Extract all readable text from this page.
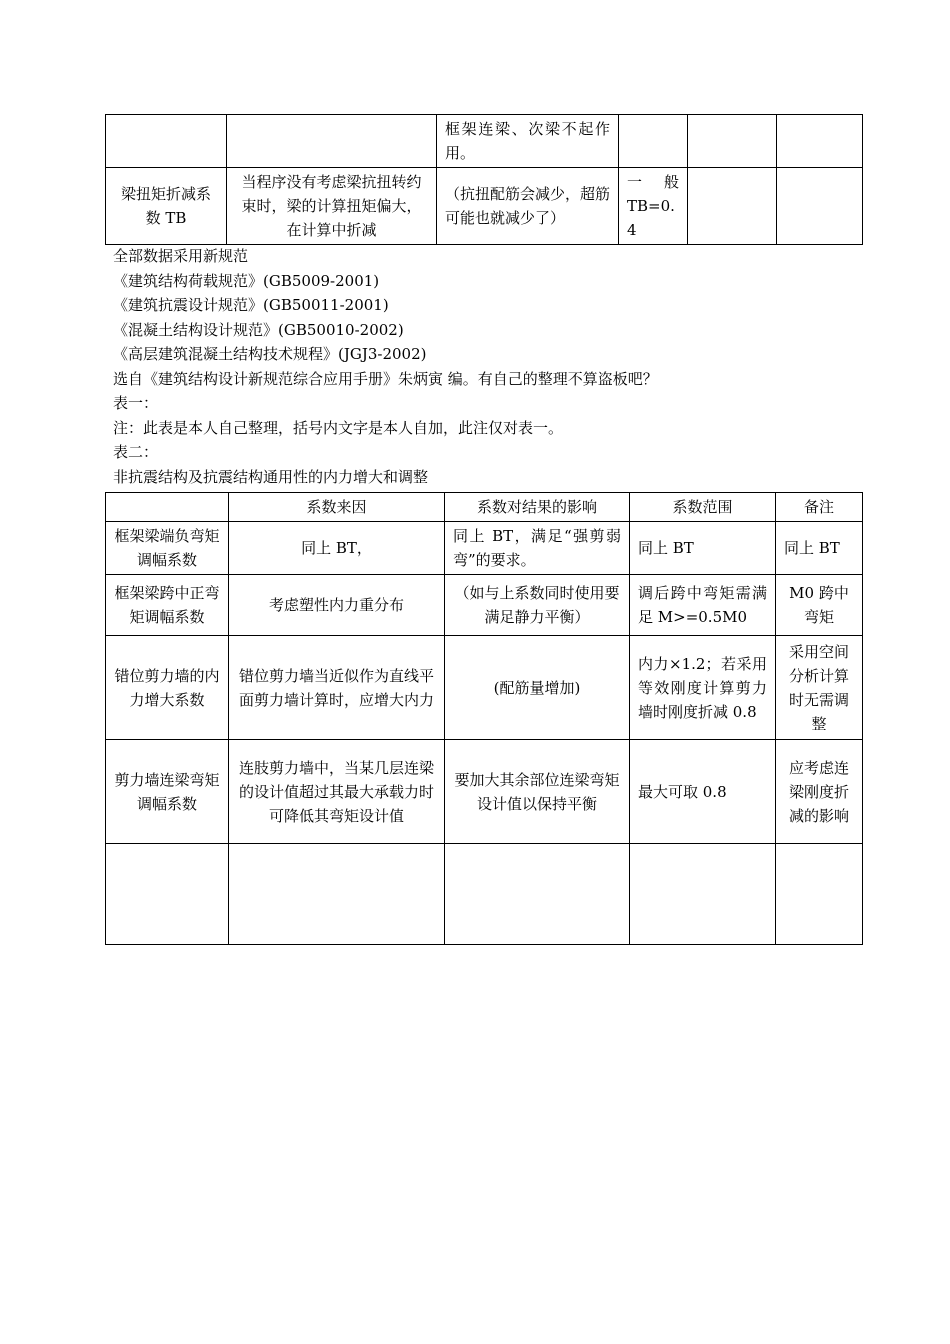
		框架连梁、次梁不起作用。			
梁扭矩折减系数 TB	当程序没有考虑梁抗扭转约束时，梁的计算扭矩偏大，在计算中折减	（抗扭配筋会减少，超筋可能也就减少了）	一　般 TB=0.4		
全部数据采用新规范
《建筑结构荷载规范》(GB5009-2001)
《建筑抗震设计规范》(GB50011-2001)
《混凝土结构设计规范》(GB50010-2002)
《高层建筑混凝土结构技术规程》(JGJ3-2002)
选自《建筑结构设计新规范综合应用手册》朱炳寅 编。有自己的整理不算盗板吧？
表一：
注：此表是本人自己整理，括号内文字是本人自加，此注仅对表一。
表二：
非抗震结构及抗震结构通用性的内力增大和调整
	系数来因	系数对结果的影响	系数范围	备注
框架梁端负弯矩调幅系数	同上 BT，	同上 BT，满足“强剪弱弯”的要求。	同上 BT	同上 BT
框架梁跨中正弯矩调幅系数	考虑塑性内力重分布	（如与上系数同时使用要满足静力平衡）	调后跨中弯矩需满足 M>=0.5M0	M0 跨中弯矩
错位剪力墙的内力增大系数	错位剪力墙当近似作为直线平面剪力墙计算时，应增大内力	(配筋量增加)	内力×1.2；若采用等效刚度计算剪力墙时刚度折减 0.8	采用空间分析计算时无需调整
剪力墙连梁弯矩调幅系数	连肢剪力墙中，当某几层连梁的设计值超过其最大承载力时可降低其弯矩设计值	要加大其余部位连梁弯矩设计值以保持平衡	最大可取 0.8	应考虑连梁刚度折减的影响
